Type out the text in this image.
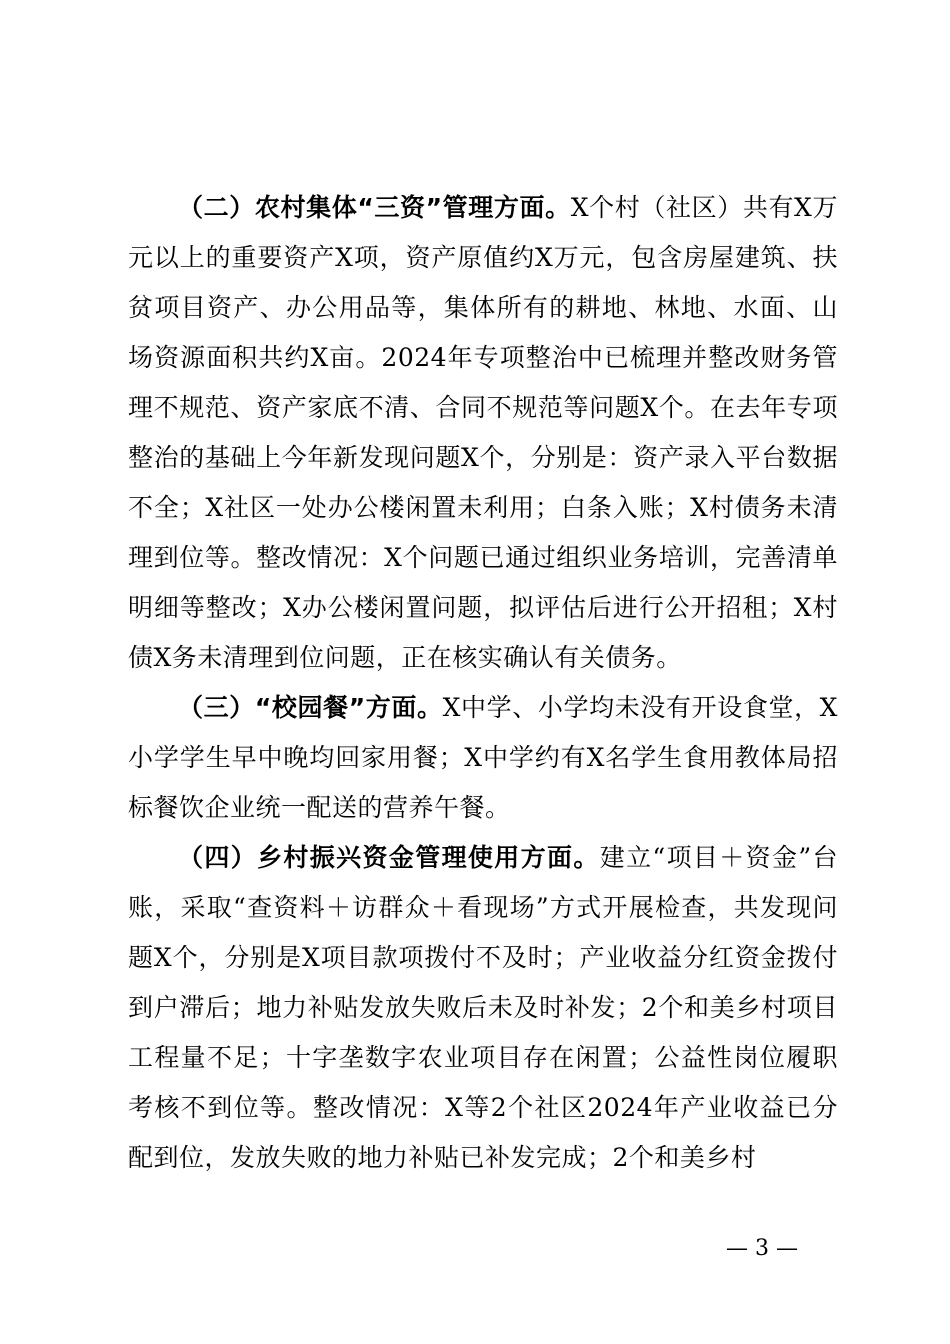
（二）农村集体“三资”管理方面。X个村（社区）共有X万元以上的重要资产X项，资产原值约X万元，包含房屋建筑、扶贫项目资产、办公用品等，集体所有的耕地、林地、水面、山场资源面积共约X亩。2024年专项整治中已梳理并整改财务管理不规范、资产家底不清、合同不规范等问题X个。在去年专项整治的基础上今年新发现问题X个，分别是：资产录入平台数据不全；X社区一处办公楼闲置未利用；白条入账；X村债务未清理到位等。整改情况：X个问题已通过组织业务培训，完善清单明细等整改；X办公楼闲置问题，拟评估后进行公开招租；X村债X务未清理到位问题，正在核实确认有关债务。

（三）“校园餐”方面。X中学、小学均未没有开设食堂，X小学学生早中晚均回家用餐；X中学约有X名学生食用教体局招标餐饮企业统一配送的营养午餐。

（四）乡村振兴资金管理使用方面。建立“项目＋资金”台账，采取“查资料＋访群众＋看现场”方式开展检查，共发现问题X个，分别是X项目款项拨付不及时；产业收益分红资金拨付到户滞后；地力补贴发放失败后未及时补发；2个和美乡村项目工程量不足；十字垄数字农业项目存在闲置；公益性岗位履职考核不到位等。整改情况：X等2个社区2024年产业收益已分配到位，发放失败的地力补贴已补发完成；2个和美乡村

— 3 —
